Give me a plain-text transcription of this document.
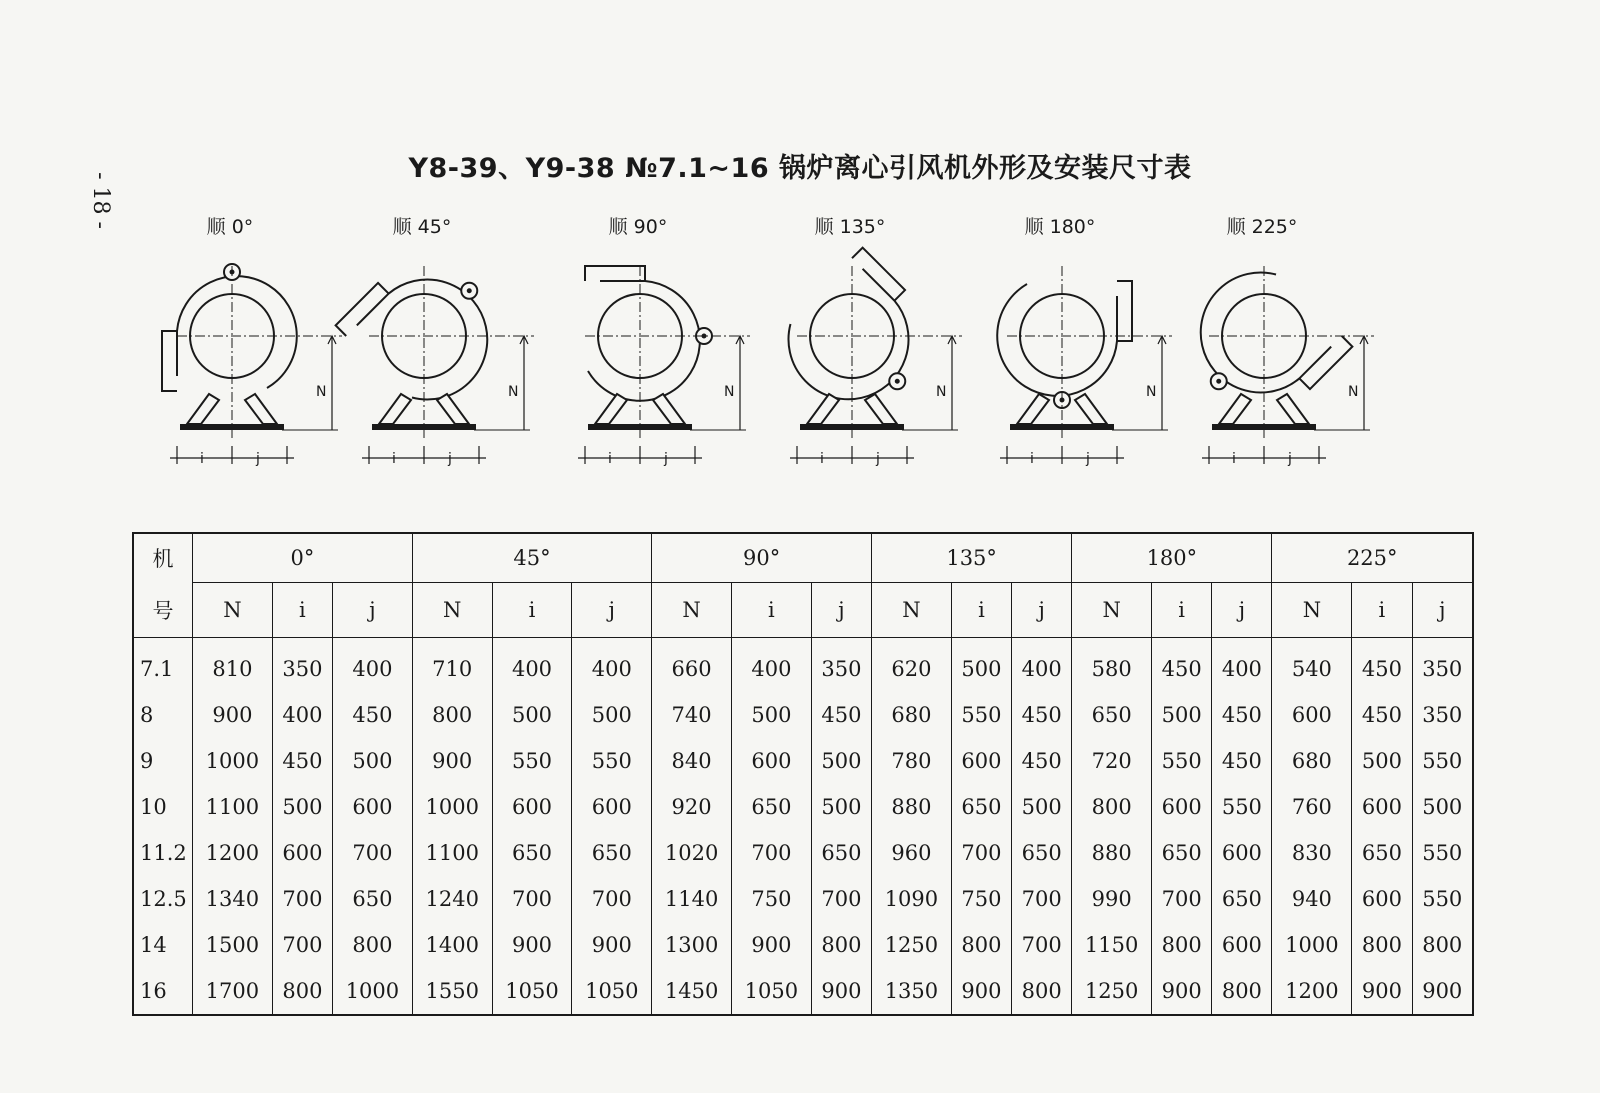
- 18 -
Y8-39、Y9-38 №7.1~16 锅炉离心引风机外形及安装尺寸表
顺 0°
N
i	j
顺 45°
N
i	j
顺 90°
N
i	j
顺 135°
N
i	j
顺 180°
N
i	j
顺 225°
N
i	j
机	0°			45°			90°			135°			180°			225°		
号	N	i	j	N	i	j	N	i	j	N	i	j	N	i	j	N	i	j
7.1	810	350	400	710	400	400	660	400	350	620	500	400	580	450	400	540	450	350
8	900	400	450	800	500	500	740	500	450	680	550	450	650	500	450	600	450	350
9	1000	450	500	900	550	550	840	600	500	780	600	450	720	550	450	680	500	550
10	1100	500	600	1000	600	600	920	650	500	880	650	500	800	600	550	760	600	500
11.2	1200	600	700	1100	650	650	1020	700	650	960	700	650	880	650	600	830	650	550
12.5	1340	700	650	1240	700	700	1140	750	700	1090	750	700	990	700	650	940	600	550
14	1500	700	800	1400	900	900	1300	900	800	1250	800	700	1150	800	600	1000	800	800
16	1700	800	1000	1550	1050	1050	1450	1050	900	1350	900	800	1250	900	800	1200	900	900
